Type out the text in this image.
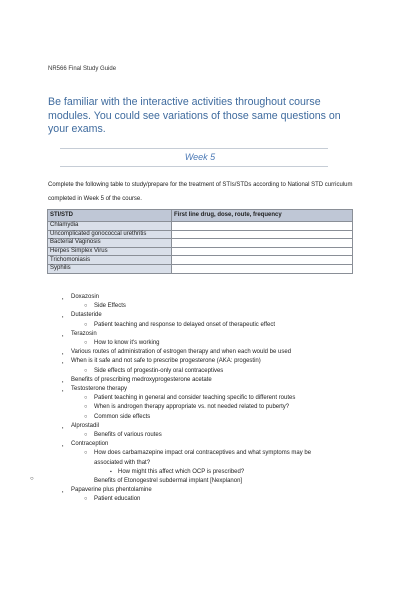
NR566 Final Study Guide
Be familiar with the interactive activities throughout course modules. You could see variations of those same questions on your exams.
Week 5
Complete the following table to study/prepare for the treatment of STIs/STDs according to National STD curriculum completed in Week 5 of the course.
STI/STD	First line drug, dose, route, frequency
Chlamydia	
Uncomplicated gonococcal urethritis	
Bacterial Vaginosis	
Herpes Simplex Virus	
Trichomoniasis	
Syphilis	
▪ Doxazosin
○ Side Effects
▪ Dutasteride
○ Patient teaching and response to delayed onset of therapeutic effect
▪ Terazosin
○ How to know it's working
▪ Various routes of administration of estrogen therapy and when each would be used
▪ When is it safe and not safe to prescribe progesterone (AKA: progestin)
○ Side effects of progestin-only oral contraceptives
▪ Benefits of prescribing medroxyprogesterone acetate
▪ Testosterone therapy
○ Patient teaching in general and consider teaching specific to different routes
○ When is androgen therapy appropriate vs. not needed related to puberty?
○ Common side effects
▪ Alprostadil
○ Benefits of various routes
▪ Contraception
○ How does carbamazepine impact oral contraceptives and what symptoms may be associated with that?
▪ How might this affect which OCP is prescribed?
Benefits of Etonogestrel subdermal implant [Nexplanon]
▪ Papaverine plus phentolamine
○ Patient education
○
